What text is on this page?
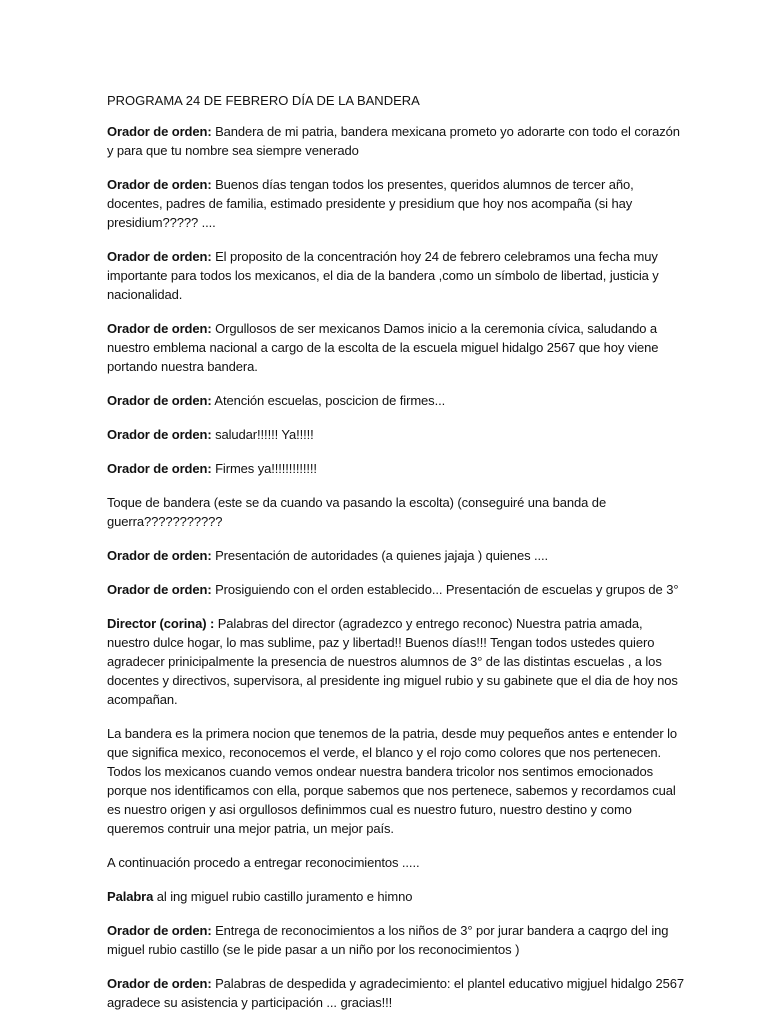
PROGRAMA 24 DE FEBRERO DÍA DE LA BANDERA

Orador de orden: Bandera de mi patria, bandera mexicana prometo yo adorarte con todo el corazón y para que tu nombre sea siempre venerado

Orador de orden: Buenos días tengan todos los presentes, queridos alumnos de tercer año, docentes, padres de familia, estimado presidente y presidium que hoy nos acompaña (si hay presidium????? ....

Orador de orden: El proposito de la concentración hoy 24 de febrero celebramos una fecha muy importante para todos los mexicanos, el dia de la bandera ,como un símbolo de libertad, justicia y nacionalidad.

Orador de orden: Orgullosos de ser mexicanos Damos inicio a la ceremonia cívica, saludando a nuestro emblema nacional a cargo de la escolta de la escuela miguel hidalgo 2567 que hoy viene portando nuestra bandera.

Orador de orden: Atención escuelas, poscicion de firmes...

Orador de orden: saludar!!!!!! Ya!!!!!

Orador de orden: Firmes ya!!!!!!!!!!!!!

Toque de bandera (este se da cuando va pasando la escolta) (conseguiré una banda de guerra???????????

Orador de orden: Presentación de autoridades (a quienes jajaja ) quienes ....

Orador de orden: Prosiguiendo con el orden establecido... Presentación de escuelas y grupos de 3°

Director (corina) : Palabras del director (agradezco y entrego reconoc) Nuestra patria amada, nuestro dulce hogar, lo mas sublime, paz y libertad!! Buenos días!!! Tengan todos ustedes quiero agradecer prinicipalmente la presencia de nuestros alumnos de 3° de las distintas escuelas , a los docentes y directivos, supervisora, al presidente ing miguel rubio y su gabinete que el dia de hoy nos acompañan.

La bandera es la primera nocion que tenemos de la patria, desde muy pequeños antes e entender lo que significa mexico, reconocemos el verde, el blanco y el rojo como colores que nos pertenecen. Todos los mexicanos cuando vemos ondear nuestra bandera tricolor nos sentimos emocionados porque nos identificamos con ella, porque sabemos que nos pertenece, sabemos y recordamos cual es nuestro origen y asi orgullosos definimmos cual es nuestro futuro, nuestro destino y como queremos contruir una mejor patria, un mejor país.

A continuación procedo a entregar reconocimientos .....

Palabra al ing miguel rubio castillo juramento e himno

Orador de orden: Entrega de reconocimientos a los niños de 3° por jurar bandera a caqrgo del ing miguel rubio castillo (se le pide pasar a un niño por los reconocimientos )

Orador de orden: Palabras de despedida y agradecimiento: el plantel educativo migjuel hidalgo 2567 agradece su asistencia y participación ... gracias!!!
